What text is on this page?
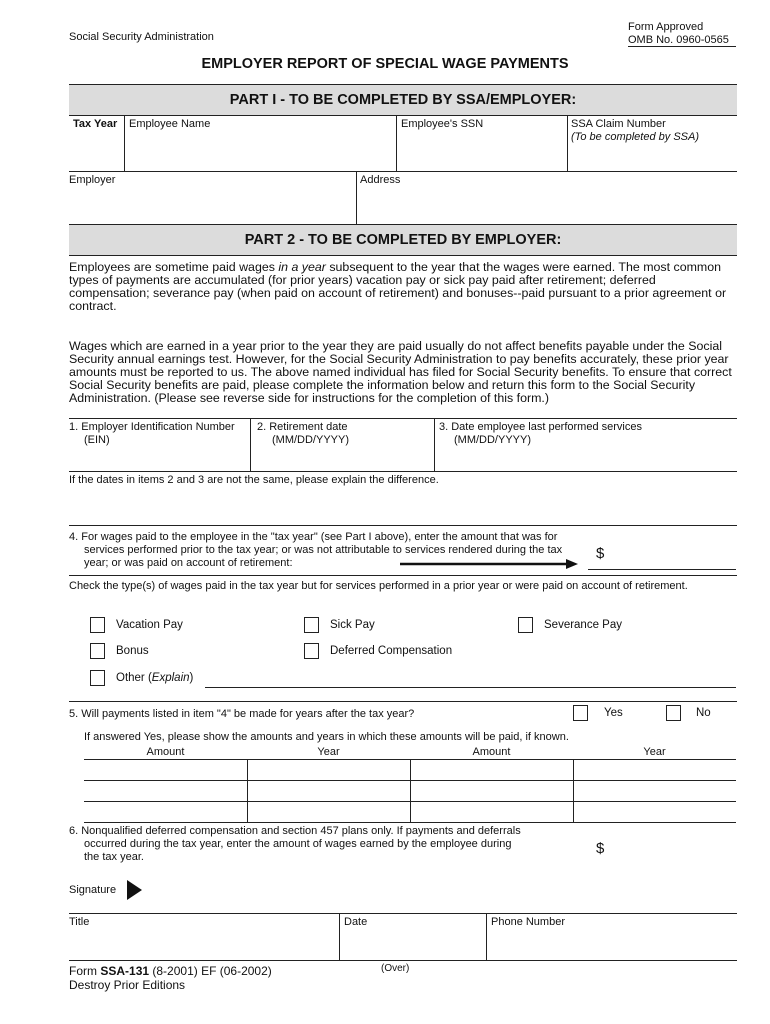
Social Security Administration
Form Approved
OMB No. 0960-0565
EMPLOYER REPORT OF SPECIAL WAGE PAYMENTS
PART I - TO BE COMPLETED BY SSA/EMPLOYER:
Tax Year Employee Name	Employee's SSN	SSA Claim Number
(To be completed by SSA)
Employer	Address
PART 2 - TO BE COMPLETED BY EMPLOYER:
Employees are sometime paid wages in a year subsequent to the year that the wages were earned. The most common types of payments are accumulated (for prior years) vacation pay or sick pay paid after retirement; deferred compensation; severance pay (when paid on account of retirement) and bonuses--paid pursuant to a prior agreement or contract.
Wages which are earned in a year prior to the year they are paid usually do not affect benefits payable under the Social Security annual earnings test. However, for the Social Security Administration to pay benefits accurately, these prior year amounts must be reported to us. The above named individual has filed for Social Security benefits. To ensure that correct Social Security benefits are paid, please complete the information below and return this form to the Social Security Administration. (Please see reverse side for instructions for the completion of this form.)
1. Employer Identification Number
(EIN)
2. Retirement date
(MM/DD/YYYY)
3. Date employee last performed services
(MM/DD/YYYY)
If the dates in items 2 and 3 are not the same, please explain the difference.
4. For wages paid to the employee in the "tax year" (see Part I above), enter the amount that was for
services performed prior to the tax year; or was not attributable to services rendered during the tax
year; or was paid on account of retirement:
$
Check the type(s) of wages paid in the tax year but for services performed in a prior year or were paid on account of retirement.
Vacation Pay	Sick Pay	Severance Pay
Bonus	Deferred Compensation
Other (Explain)
5. Will payments listed in item "4" be made for years after the tax year?	Yes	No
If answered Yes, please show the amounts and years in which these amounts will be paid, if known.
Amount	Year	Amount	Year
6. Nonqualified deferred compensation and section 457 plans only. If payments and deferrals
occurred during the tax year, enter the amount of wages earned by the employee during
the tax year.	$
Signature
Title	Date	Phone Number
Form SSA-131 (8-2001) EF (06-2002)	(Over)
Destroy Prior Editions
